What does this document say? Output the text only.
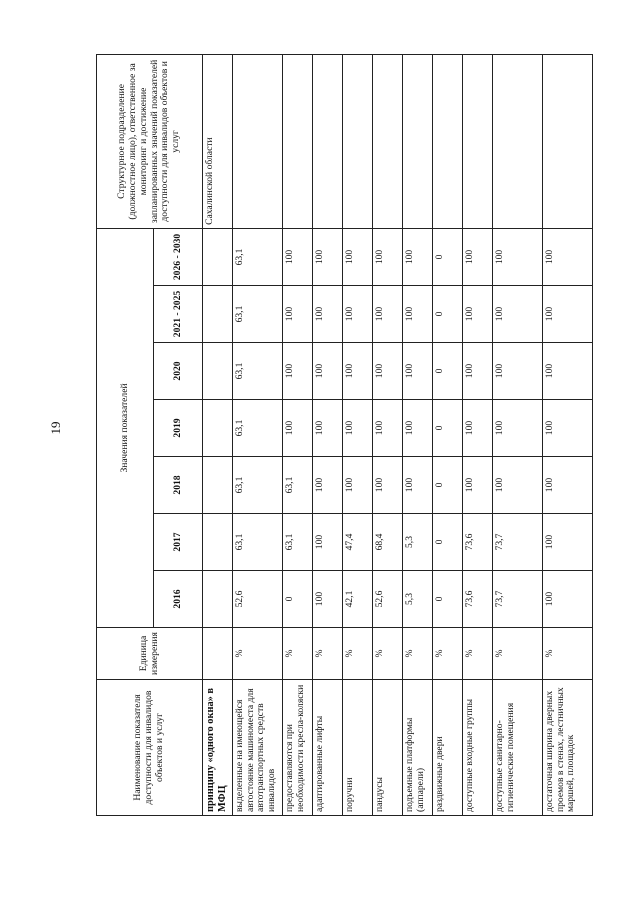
19
Наименование показателя доступности для инвалидов объектов и услуг	Единица измерения	Значения показателей							Структурное подразделение (должностное лицо), ответственное за мониторинг и достижение запланированных значений показателей доступности для инвалидов объектов и услуг
		2016	2017	2018	2019	2020	2021 - 2025	2026 - 2030	
принципу «одного окна» в МФЦ									Сахалинской области
выделенные на имеющейся автостоянке машиноместа для автотранспортных средств инвалидов	%	52,6	63,1	63,1	63,1	63,1	63,1	63,1	
предоставляются при необходимости кресла-коляски	%	0	63,1	63,1	100	100	100	100	
адаптированные лифты	%	100	100	100	100	100	100	100	
поручни	%	42,1	47,4	100	100	100	100	100	
пандусы	%	52,6	68,4	100	100	100	100	100	
подъемные платформы (аппарели)	%	5,3	5,3	100	100	100	100	100	
раздвижные двери	%	0	0	0	0	0	0	0	
доступные входные группы	%	73,6	73,6	100	100	100	100	100	
доступные санитарно-гигиенические помещения	%	73,7	73,7	100	100	100	100	100	
достаточная ширина дверных проемов в стенах, лестничных маршей, площадок	%	100	100	100	100	100	100	100	
